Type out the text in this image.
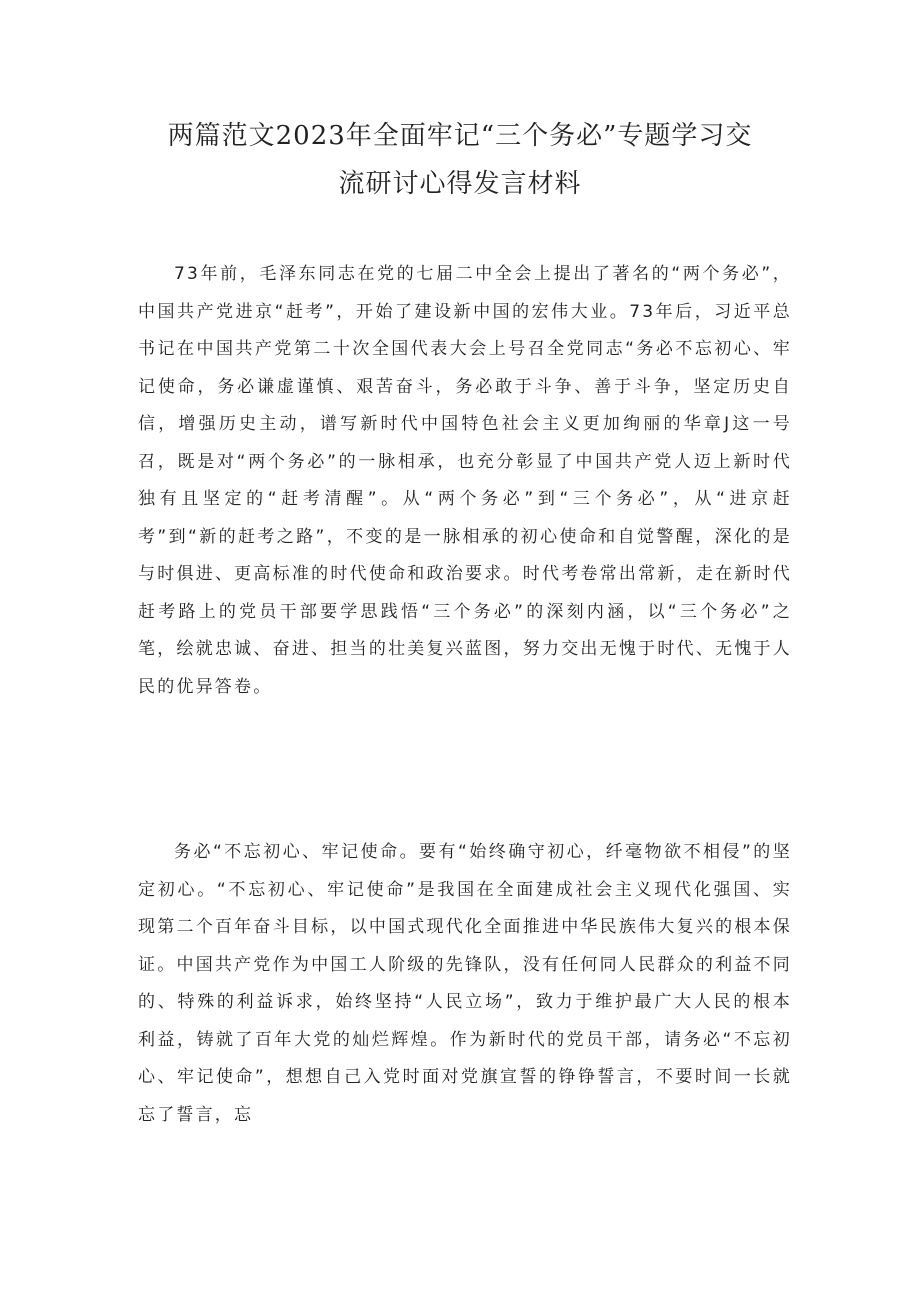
两篇范文2023年全面牢记“三个务必”专题学习交
流研讨心得发言材料

73年前，毛泽东同志在党的七届二中全会上提出了著名的“两个务必”，中国共产党进京“赶考”，开始了建设新中国的宏伟大业。73年后，习近平总书记在中国共产党第二十次全国代表大会上号召全党同志“务必不忘初心、牢记使命，务必谦虚谨慎、艰苦奋斗，务必敢于斗争、善于斗争，坚定历史自信，增强历史主动，谱写新时代中国特色社会主义更加绚丽的华章J这一号召，既是对“两个务必”的一脉相承，也充分彰显了中国共产党人迈上新时代独有且坚定的“赶考清醒”。从“两个务必”到“三个务必”，从“进京赶考”到“新的赶考之路”，不变的是一脉相承的初心使命和自觉警醒，深化的是与时俱进、更高标准的时代使命和政治要求。时代考卷常出常新，走在新时代赶考路上的党员干部要学思践悟“三个务必”的深刻内涵，以“三个务必”之笔，绘就忠诚、奋进、担当的壮美复兴蓝图，努力交出无愧于时代、无愧于人民的优异答卷。

务必“不忘初心、牢记使命。要有“始终确守初心，纤毫物欲不相侵”的坚定初心。“不忘初心、牢记使命”是我国在全面建成社会主义现代化强国、实现第二个百年奋斗目标，以中国式现代化全面推进中华民族伟大复兴的根本保证。中国共产党作为中国工人阶级的先锋队，没有任何同人民群众的利益不同的、特殊的利益诉求，始终坚持“人民立场”，致力于维护最广大人民的根本利益，铸就了百年大党的灿烂辉煌。作为新时代的党员干部，请务必“不忘初心、牢记使命”，想想自己入党时面对党旗宣誓的铮铮誓言，不要时间一长就忘了誓言，忘
